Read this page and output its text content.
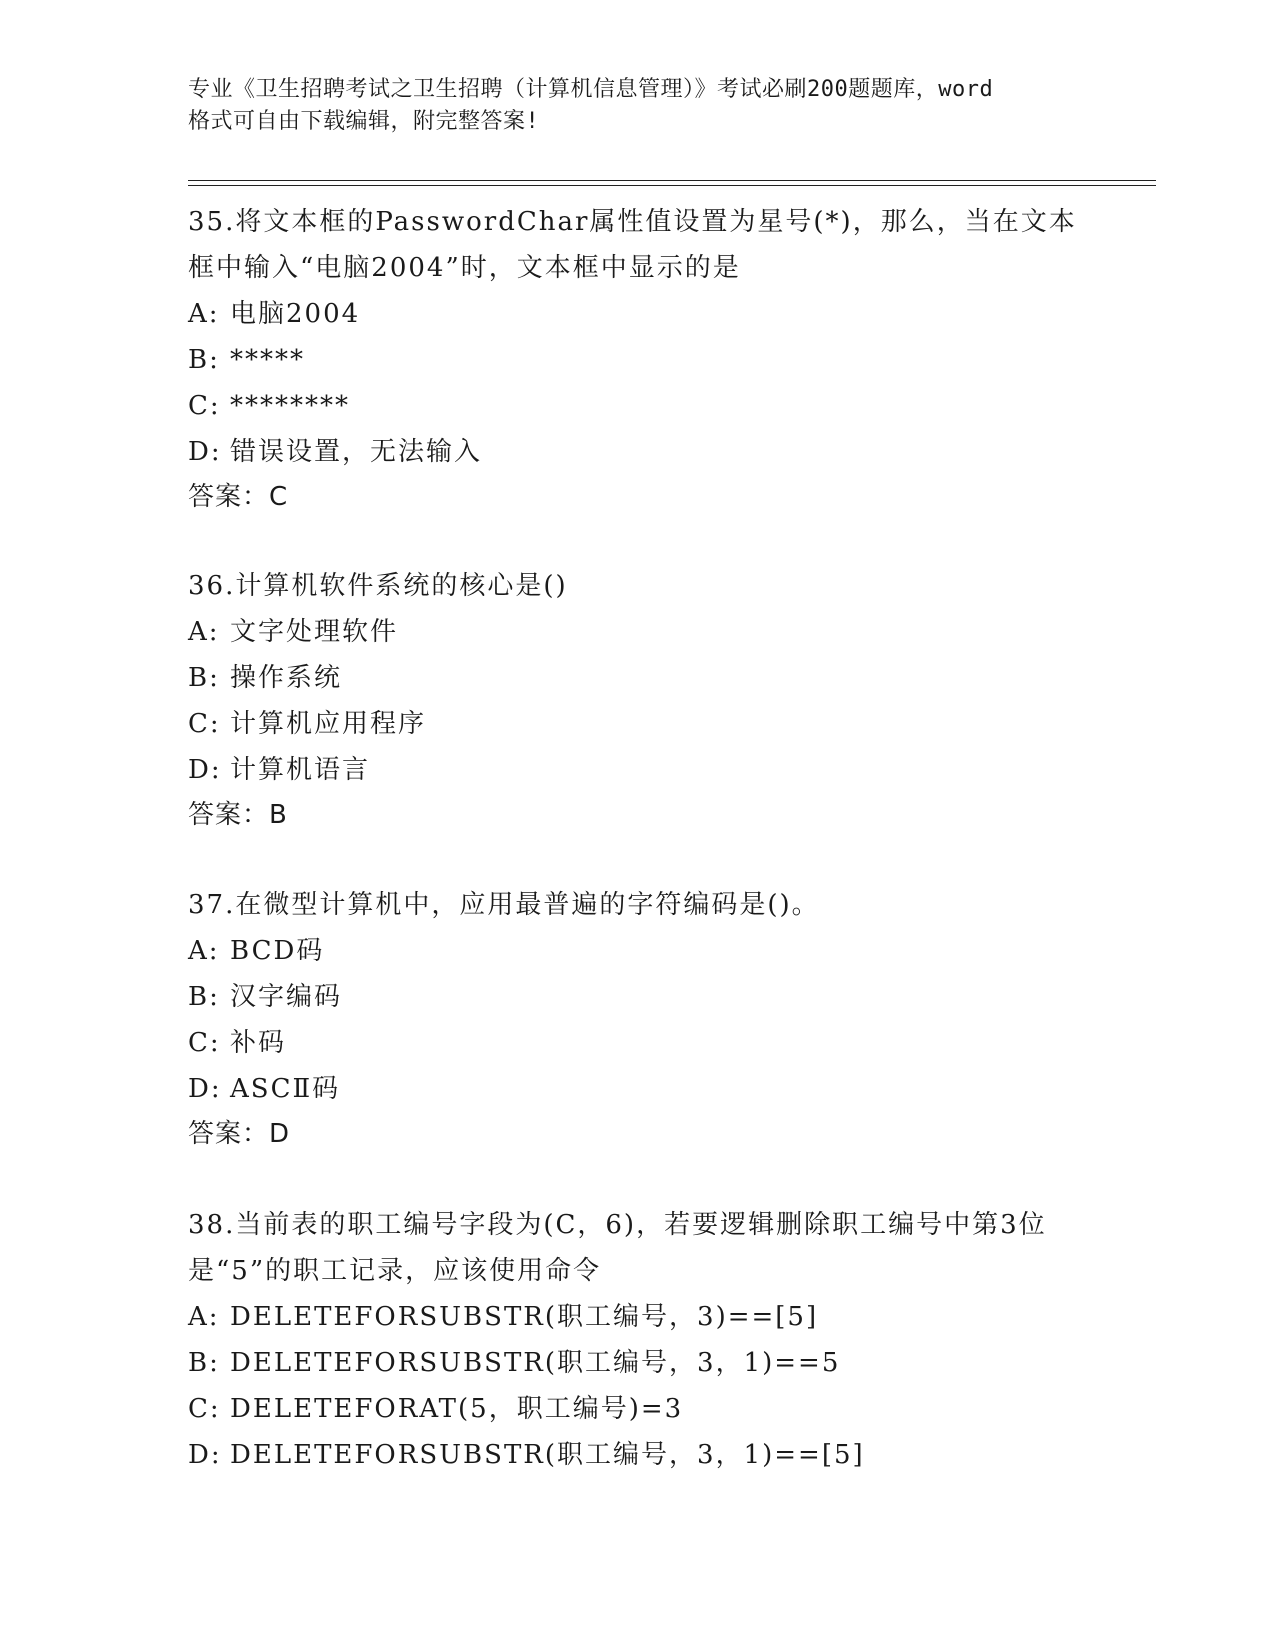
专业《卫生招聘考试之卫生招聘（计算机信息管理）》考试必刷200题题库，word
格式可自由下载编辑，附完整答案!
35.将文本框的PasswordChar属性值设置为星号(*)，那么，当在文本
框中输入“电脑2004”时，文本框中显示的是
A: 电脑2004
B: *****
C: ********
D: 错误设置，无法输入
答案：C
36.计算机软件系统的核心是()
A: 文字处理软件
B: 操作系统
C: 计算机应用程序
D: 计算机语言
答案：B
37.在微型计算机中，应用最普遍的字符编码是()。
A: BCD码
B: 汉字编码
C: 补码
D: ASCⅡ码
答案：D
38.当前表的职工编号字段为(C，6)，若要逻辑删除职工编号中第3位
是“5”的职工记录，应该使用命令
A: DELETEFORSUBSTR(职工编号，3)==[5]
B: DELETEFORSUBSTR(职工编号，3，1)==5
C: DELETEFORAT(5，职工编号)=3
D: DELETEFORSUBSTR(职工编号，3，1)==[5]
